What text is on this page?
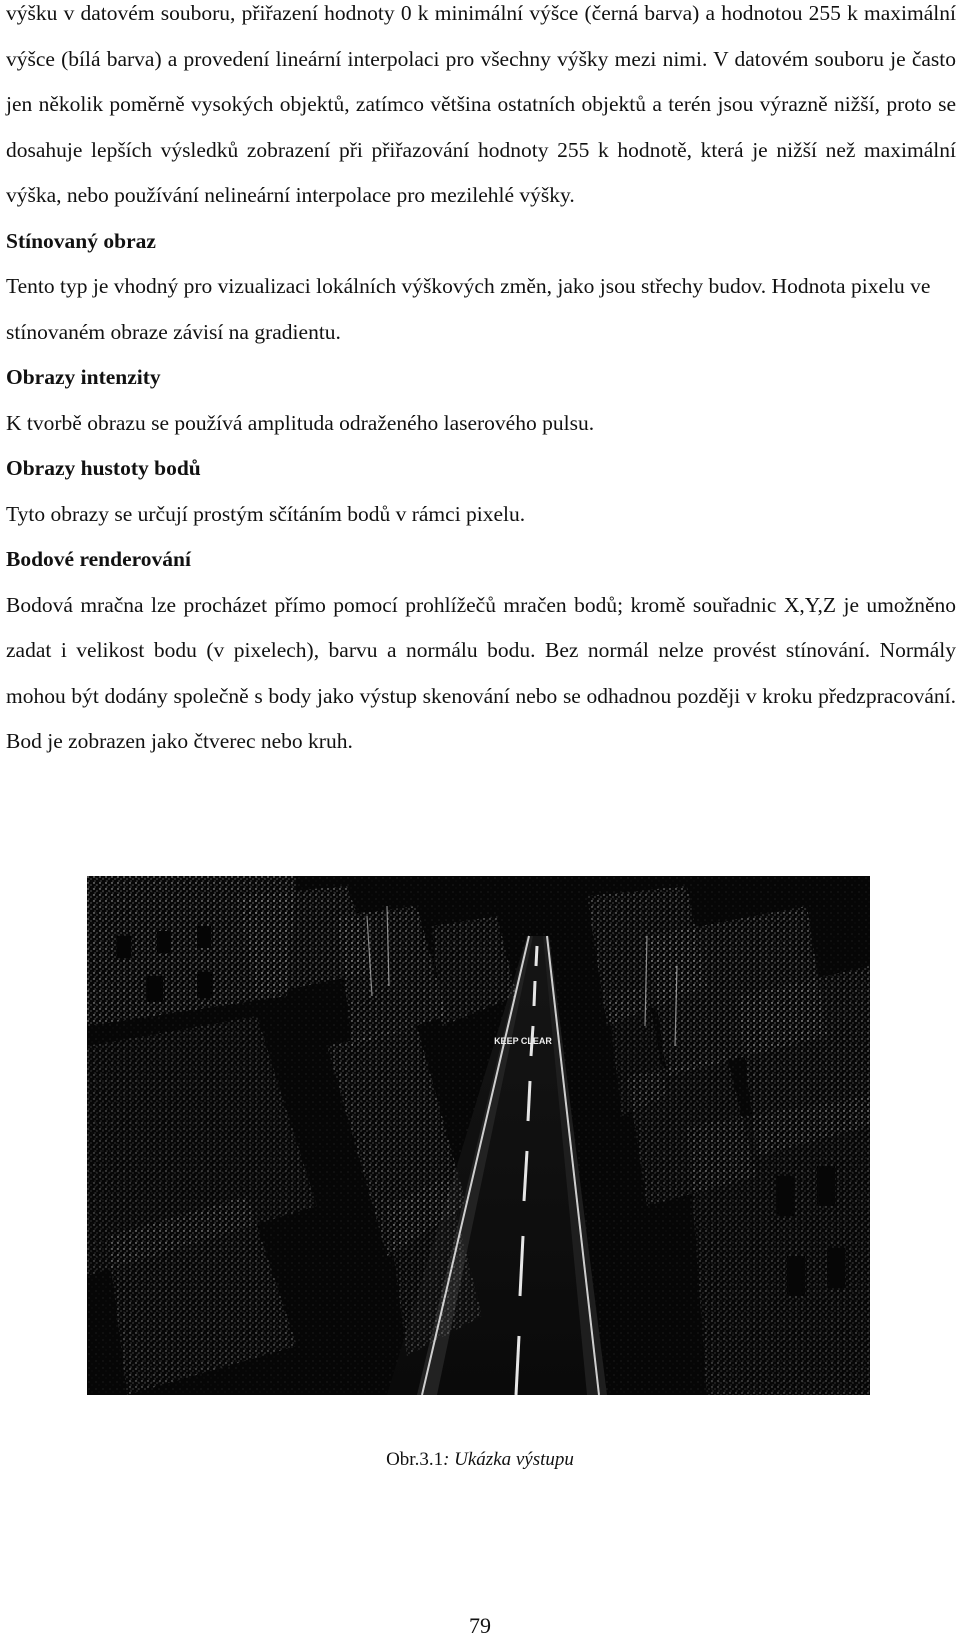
výšku v datovém souboru, přiřazení hodnoty 0 k minimální výšce (černá barva) a hodnotou 255 k maximální výšce (bílá barva) a provedení lineární interpolaci pro všechny výšky mezi nimi. V datovém souboru je často jen několik poměrně vysokých objektů, zatímco většina ostatních objektů a terén jsou výrazně nižší, proto se dosahuje lepších výsledků zobrazení při přiřazování hodnoty 255 k hodnotě, která je nižší než maximální výška, nebo používání nelineární interpolace pro mezilehlé výšky.

Stínovaný obraz

Tento typ je vhodný pro vizualizaci lokálních výškových změn, jako jsou střechy budov. Hodnota pixelu ve stínovaném obraze závisí na gradientu.

Obrazy intenzity

K tvorbě obrazu se používá amplituda odraženého laserového pulsu.

Obrazy hustoty bodů

Tyto obrazy se určují prostým sčítáním bodů v rámci pixelu.

Bodové renderování

Bodová mračna lze procházet přímo pomocí prohlížečů mračen bodů; kromě souřadnic X,Y,Z je umožněno zadat i velikost bodu (v pixelech), barvu a normálu bodu. Bez normál nelze provést stínování. Normály mohou být dodány společně s body jako výstup skenování nebo se odhadnou později v kroku předzpracování. Bod je zobrazen jako čtverec nebo kruh.

KEEP CLEAR
Obr.3.1: Ukázka výstupu
79
